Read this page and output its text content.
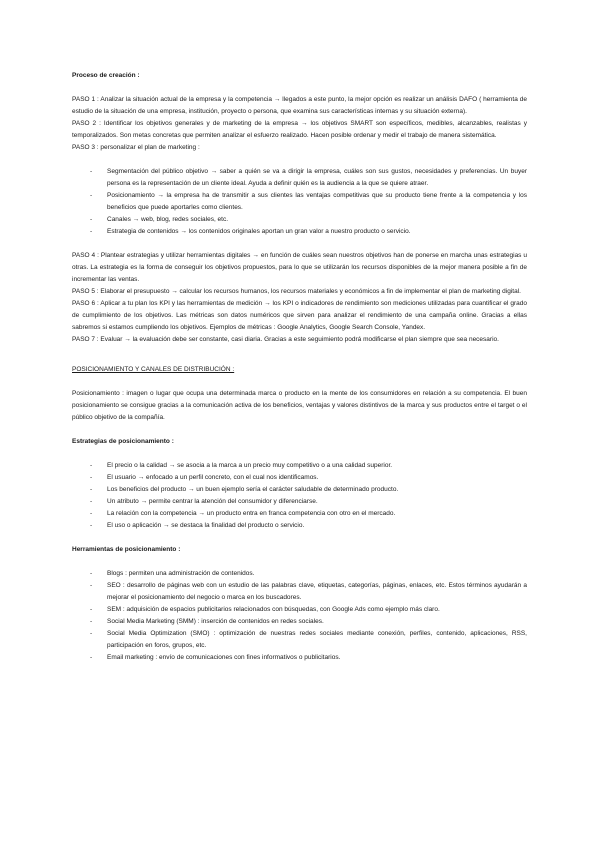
Proceso de creación :

PASO 1 : Analizar la situación actual de la empresa y la competencia → llegados a este punto, la mejor opción es realizar un análisis DAFO ( herramienta de estudio de la situación de una empresa, institución, proyecto o persona, que examina sus características internas y su situación externa).

PASO 2 : Identificar los objetivos generales y de marketing de la empresa → los objetivos SMART son específicos, medibles, alcanzables, realistas y temporalizados. Son metas concretas que permiten analizar el esfuerzo realizado. Hacen posible ordenar y medir el trabajo de manera sistemática.

PASO 3 : personalizar el plan de marketing :

- Segmentación del público objetivo → saber a quién se va a dirigir la empresa, cuáles son sus gustos, necesidades y preferencias. Un buyer persona es la representación de un cliente ideal. Ayuda a definir quién es la audiencia a la que se quiere atraer.
- Posicionamiento → la empresa ha de transmitir a sus clientes las ventajas competitivas que su producto tiene frente a la competencia y los beneficios que puede aportarles como clientes.
- Canales → web, blog, redes sociales, etc.
- Estrategia de contenidos → los contenidos originales aportan un gran valor a nuestro producto o servicio.

PASO 4 : Plantear estrategias y utilizar herramientas digitales → en función de cuáles sean nuestros objetivos han de ponerse en marcha unas estrategias u otras. La estrategia es la forma de conseguir los objetivos propuestos, para lo que se utilizarán los recursos disponibles de la mejor manera posible a fin de incrementar las ventas.

PASO 5 : Elaborar el presupuesto → calcular los recursos humanos, los recursos materiales y económicos a fin de implementar el plan de marketing digital.

PASO 6 : Aplicar a tu plan los KPI y las herramientas de medición → los KPI o indicadores de rendimiento son mediciones utilizadas para cuantificar el grado de cumplimiento de los objetivos. Las métricas son datos numéricos que sirven para analizar el rendimiento de una campaña online. Gracias a ellas sabremos si estamos cumpliendo los objetivos. Ejemplos de métricas : Google Analytics, Google Search Console, Yandex.

PASO 7 : Evaluar → la evaluación debe ser constante, casi diaria. Gracias a este seguimiento podrá modificarse el plan siempre que sea necesario.

POSICIONAMIENTO Y CANALES DE DISTRIBUCIÓN :

Posicionamiento : imagen o lugar que ocupa una determinada marca o producto en la mente de los consumidores en relación a su competencia. El buen posicionamiento se consigue gracias a la comunicación activa de los beneficios, ventajas y valores distintivos de la marca y sus productos entre el target o el público objetivo de la compañía.

Estrategias de posicionamiento :

- El precio o la calidad → se asocia a la marca a un precio muy competitivo o a una calidad superior.
- El usuario → enfocado a un perfil concreto, con el cual nos identificamos.
- Los beneficios del producto → un buen ejemplo sería el carácter saludable de determinado producto.
- Un atributo → permite centrar la atención del consumidor y diferenciarse.
- La relación con la competencia → un producto entra en franca competencia con otro en el mercado.
- El uso o aplicación → se destaca la finalidad del producto o servicio.

Herramientas de posicionamiento :

- Blogs : permiten una administración de contenidos.
- SEO : desarrollo de páginas web con un estudio de las palabras clave, etiquetas, categorías, páginas, enlaces, etc. Estos términos ayudarán a mejorar el posicionamiento del negocio o marca en los buscadores.
- SEM : adquisición de espacios publicitarios relacionados con búsquedas, con Google Ads como ejemplo más claro.
- Social Media Marketing (SMM) : inserción de contenidos en redes sociales.
- Social Media Optimization (SMO) : optimización de nuestras redes sociales mediante conexión, perfiles, contenido, aplicaciones, RSS, participación en foros, grupos, etc.
- Email marketing : envío de comunicaciones con fines informativos o publicitarios.
